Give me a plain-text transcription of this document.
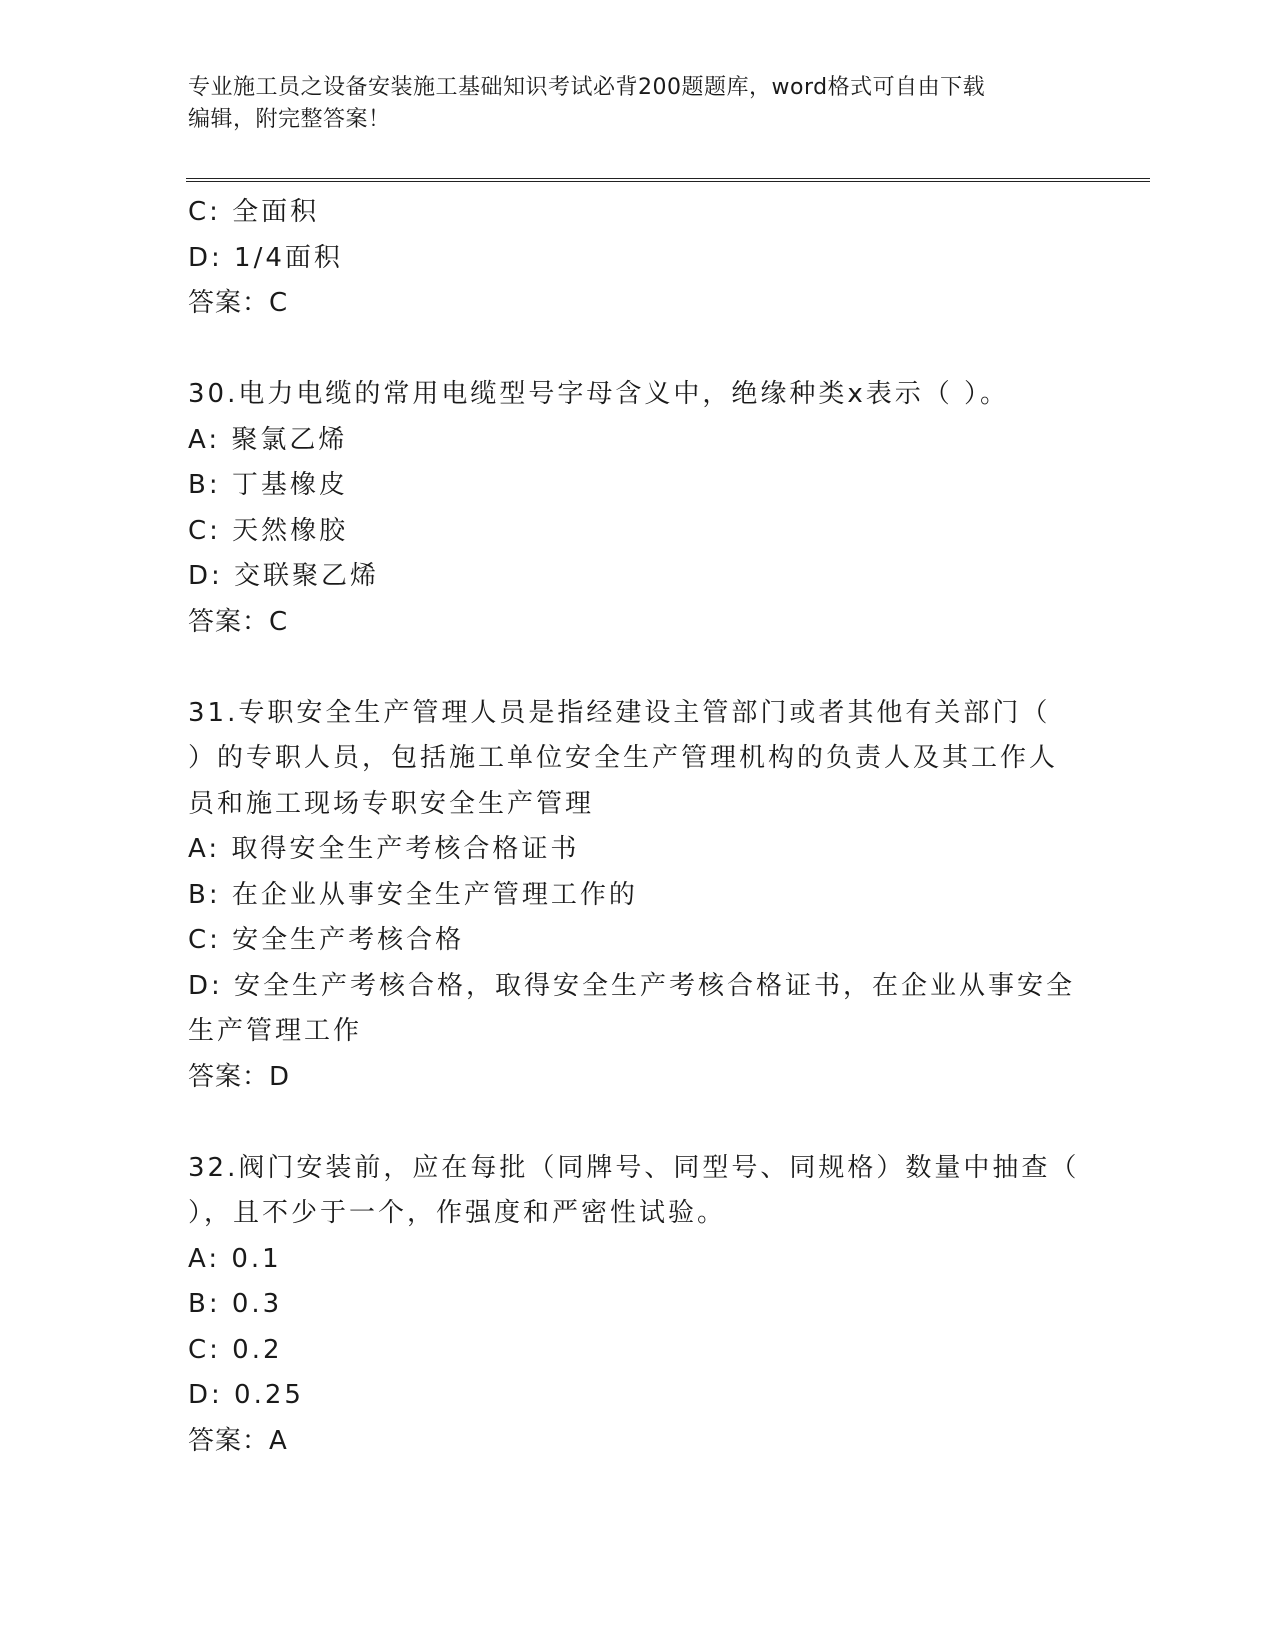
专业施工员之设备安装施工基础知识考试必背200题题库，word格式可自由下载
编辑，附完整答案！
C: 全面积
D: 1/4面积
答案：C
30.电力电缆的常用电缆型号字母含义中，绝缘种类x表示（ ）。
A: 聚氯乙烯
B: 丁基橡皮
C: 天然橡胶
D: 交联聚乙烯
答案：C
31.专职安全生产管理人员是指经建设主管部门或者其他有关部门（
）的专职人员，包括施工单位安全生产管理机构的负责人及其工作人
员和施工现场专职安全生产管理
A: 取得安全生产考核合格证书
B: 在企业从事安全生产管理工作的
C: 安全生产考核合格
D: 安全生产考核合格，取得安全生产考核合格证书，在企业从事安全
生产管理工作
答案：D
32.阀门安装前，应在每批（同牌号、同型号、同规格）数量中抽查（
），且不少于一个，作强度和严密性试验。
A: 0.1
B: 0.3
C: 0.2
D: 0.25
答案：A
